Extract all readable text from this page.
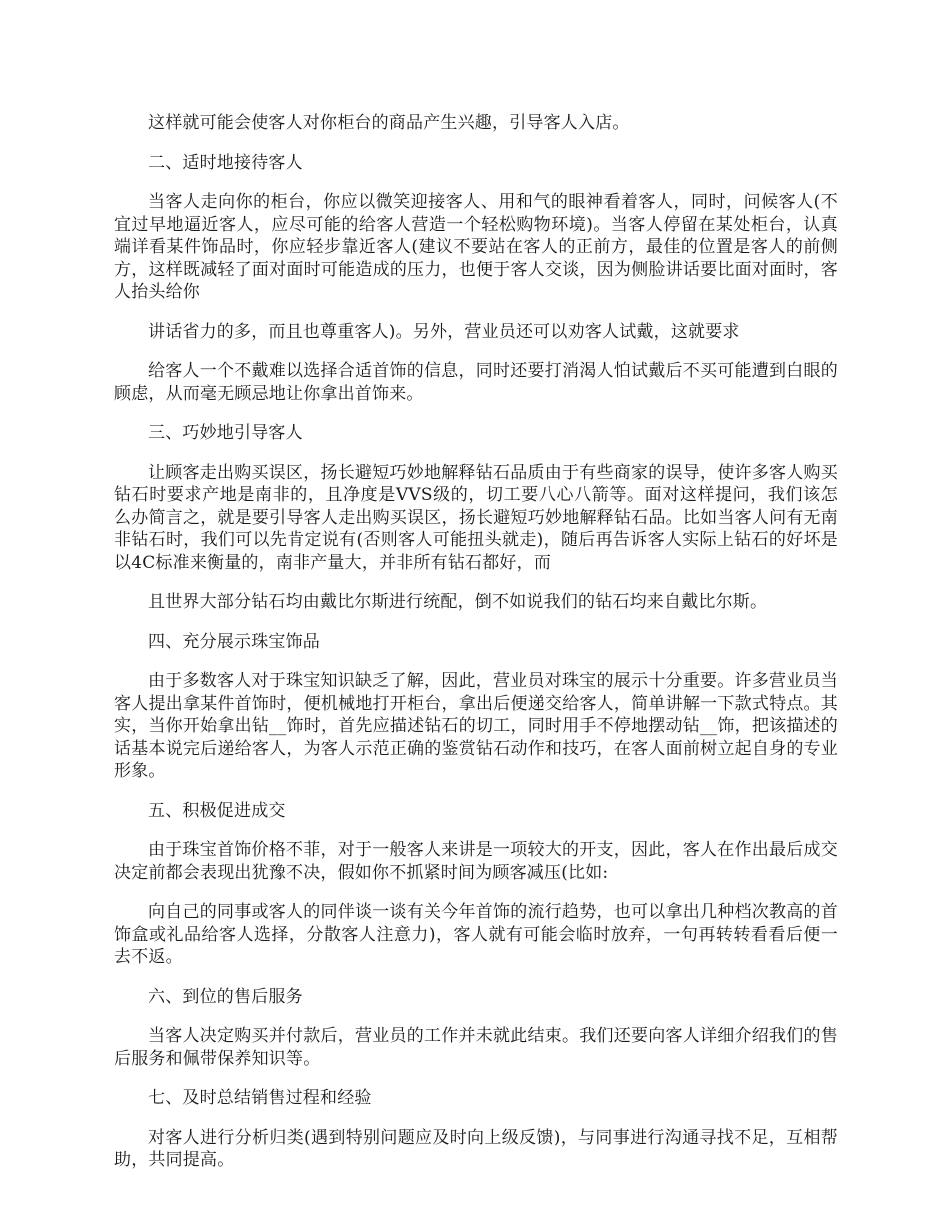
这样就可能会使客人对你柜台的商品产生兴趣，引导客人入店。

二、适时地接待客人

当客人走向你的柜台，你应以微笑迎接客人、用和气的眼神看着客人，同时，问候客人(不宜过早地逼近客人，应尽可能的给客人营造一个轻松购物环境)。当客人停留在某处柜台，认真端详看某件饰品时，你应轻步靠近客人(建议不要站在客人的正前方，最佳的位置是客人的前侧方，这样既减轻了面对面时可能造成的压力，也便于客人交谈，因为侧脸讲话要比面对面时，客人抬头给你

讲话省力的多，而且也尊重客人)。另外，营业员还可以劝客人试戴，这就要求

给客人一个不戴难以选择合适首饰的信息，同时还要打消渴人怕试戴后不买可能遭到白眼的顾虑，从而毫无顾忌地让你拿出首饰来。

三、巧妙地引导客人

让顾客走出购买误区，扬长避短巧妙地解释钻石品质由于有些商家的误导，使许多客人购买钻石时要求产地是南非的，且净度是VVS级的，切工要八心八箭等。面对这样提问，我们该怎么办简言之，就是要引导客人走出购买误区，扬长避短巧妙地解释钻石品。比如当客人问有无南非钻石时，我们可以先肯定说有(否则客人可能扭头就走)，随后再告诉客人实际上钻石的好坏是以4C标准来衡量的，南非产量大，并非所有钻石都好，而

且世界大部分钻石均由戴比尔斯进行统配，倒不如说我们的钻石均来自戴比尔斯。

四、充分展示珠宝饰品

由于多数客人对于珠宝知识缺乏了解，因此，营业员对珠宝的展示十分重要。许多营业员当客人提出拿某件首饰时，便机械地打开柜台，拿出后便递交给客人，简单讲解一下款式特点。其实，当你开始拿出钻__饰时，首先应描述钻石的切工，同时用手不停地摆动钻__饰，把该描述的话基本说完后递给客人，为客人示范正确的鉴赏钻石动作和技巧，在客人面前树立起自身的专业形象。

五、积极促进成交

由于珠宝首饰价格不菲，对于一般客人来讲是一项较大的开支，因此，客人在作出最后成交决定前都会表现出犹豫不决，假如你不抓紧时间为顾客减压(比如:

向自己的同事或客人的同伴谈一谈有关今年首饰的流行趋势，也可以拿出几种档次教高的首饰盒或礼品给客人选择，分散客人注意力)，客人就有可能会临时放弃，一句再转转看看后便一去不返。

六、到位的售后服务

当客人决定购买并付款后，营业员的工作并未就此结束。我们还要向客人详细介绍我们的售后服务和佩带保养知识等。

七、及时总结销售过程和经验

对客人进行分析归类(遇到特别问题应及时向上级反馈)，与同事进行沟通寻找不足，互相帮助，共同提高。
